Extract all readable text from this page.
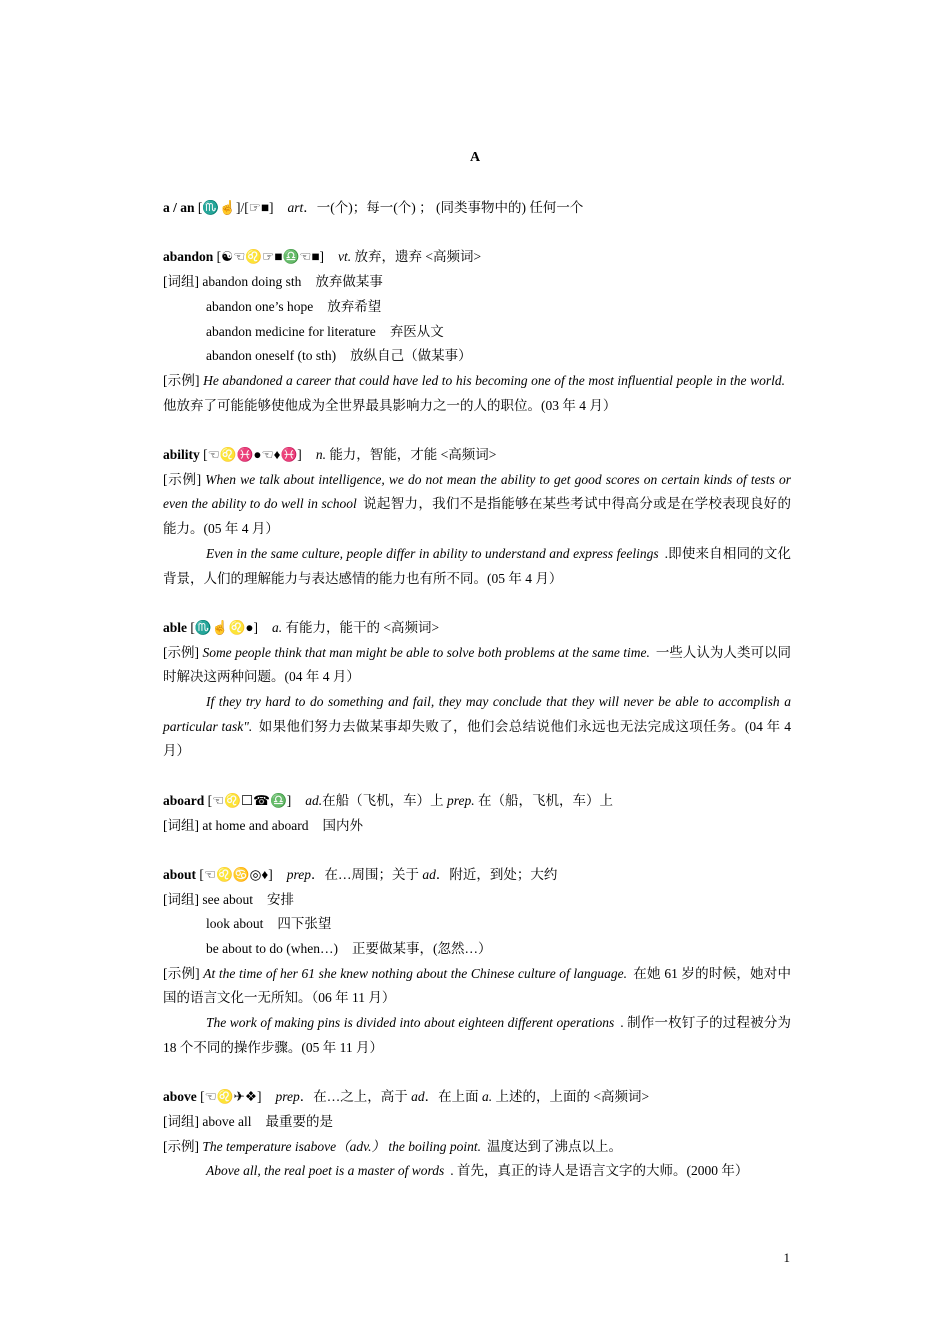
A
a / an [♏☝]/[☞■] art．一(个)；每一(个) ； (同类事物中的) 任何一个
abandon [☯☜♌☞■♎☜■] vt. 放弃，遗弃 <高频词>
[词组] abandon doing sth 放弃做某事
abandon one’s hope 放弃希望
abandon medicine for literature 弃医从文
abandon oneself (to sth) 放纵自己（做某事）
[示例] He abandoned a career that could have led to his becoming one of the most influential people in the world.他放弃了可能能够使他成为全世界最具影响力之一的人的职位。(03 年 4 月）
ability [☜♌♓●☜♦♓] n. 能力，智能，才能 <高频词>
[示例] When we talk about intelligence, we do not mean the ability to get good scores on certain kinds of tests or even the ability to do well in school 说起智力，我们不是指能够在某些考试中得高分或是在学校表现良好的能力。(05 年 4 月）
Even in the same culture, people differ in ability to understand and express feelings .即使来自相同的文化背景，人们的理解能力与表达感情的能力也有所不同。(05 年 4 月）
able [♏☝♌●] a. 有能力，能干的 <高频词>
[示例] Some people think that man might be able to solve both problems at the same time. 一些人认为人类可以同时解决这两种问题。(04 年 4 月）
If they try hard to do something and fail, they may conclude that they will never be able to accomplish a particular task". 如果他们努力去做某事却失败了，他们会总结说他们永远也无法完成这项任务。(04 年 4 月）
aboard [☜♌☐☎♎] ad.在船（飞机，车）上 prep. 在（船，飞机，车）上
[词组] at home and aboard 国内外
about [☜♌♋◎♦] prep．在…周围；关于 ad．附近，到处；大约
[词组] see about 安排
look about 四下张望
be about to do (when…) 正要做某事，(忽然…）
[示例] At the time of her 61 she knew nothing about the Chinese culture of language. 在她 61 岁的时候，她对中国的语言文化一无所知。（06 年 11 月）
The work of making pins is divided into about eighteen different operations . 制作一枚钉子的过程被分为 18 个不同的操作步骤。(05 年 11 月）
above [☜♌✈❖] prep．在…之上，高于 ad．在上面 a. 上述的，上面的 <高频词>
[词组] above all 最重要的是
[示例] The temperature isabove（adv.） the boiling point. 温度达到了沸点以上。
Above all, the real poet is a master of words . 首先，真正的诗人是语言文字的大师。(2000 年）
1
